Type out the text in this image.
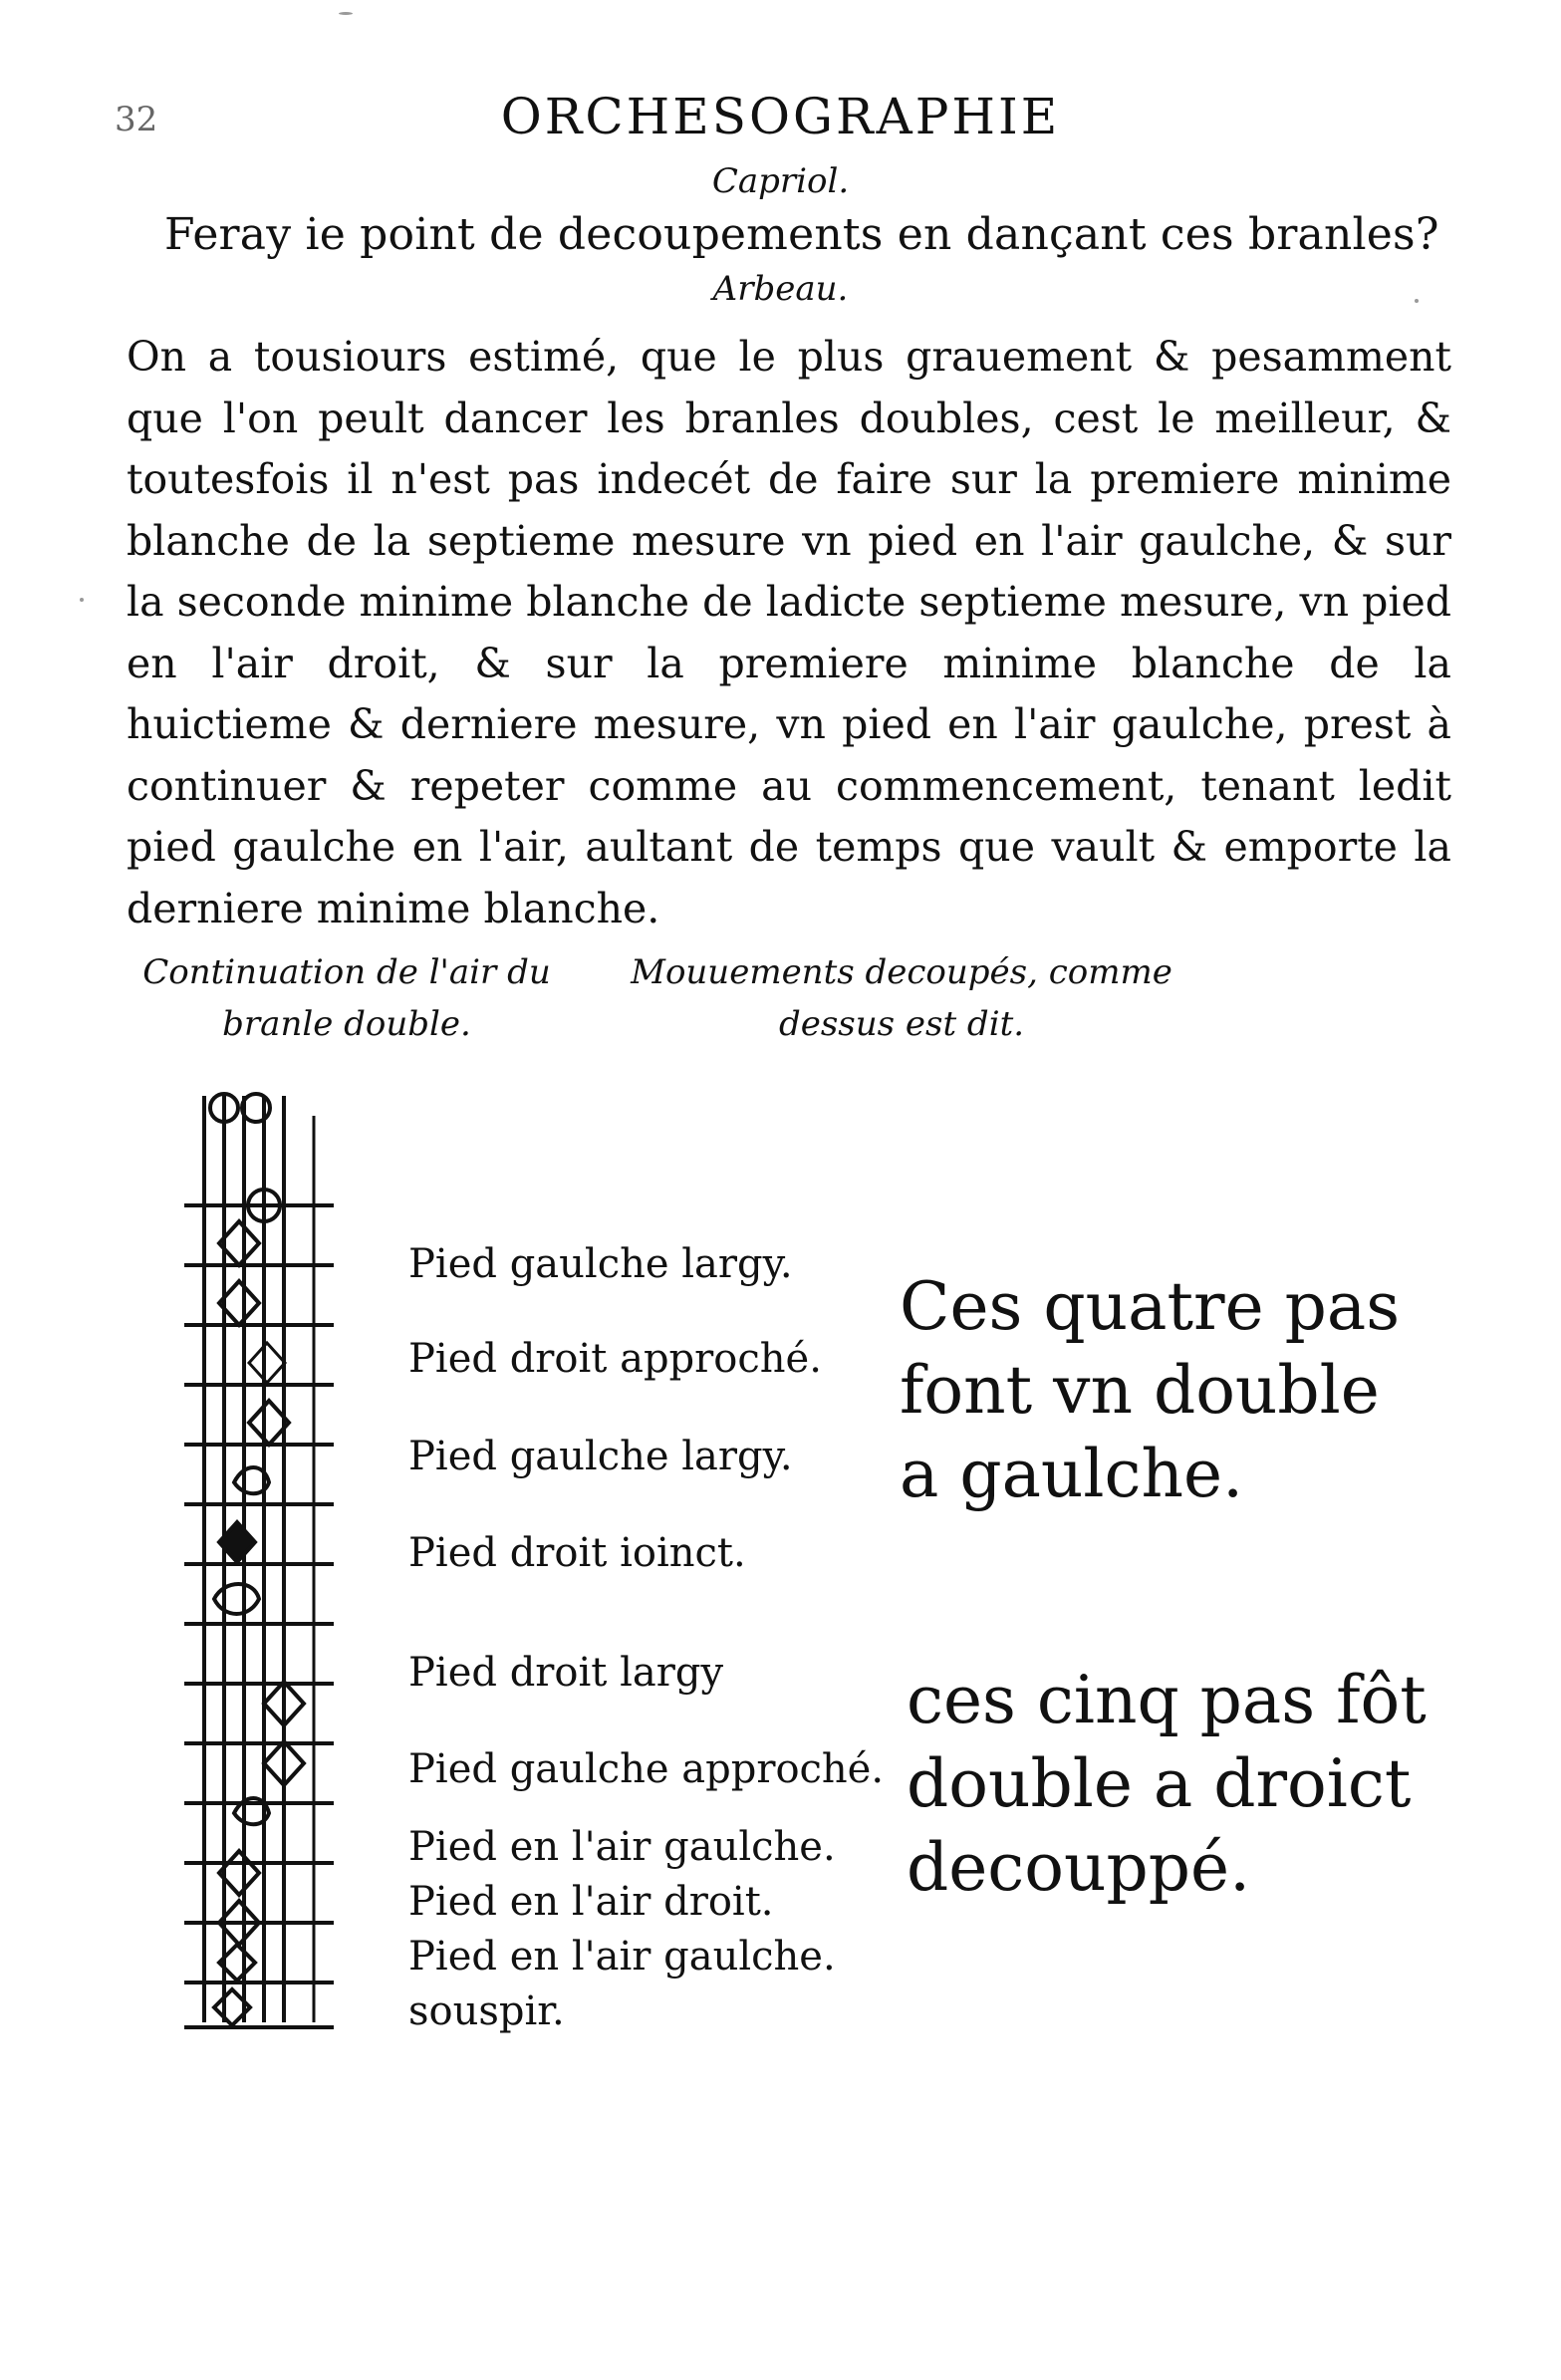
32	ORCHESOGRAPHIE
Capriol.
Feray ie point de decoupements en dançant ces branles?
Arbeau.

On a tousiours estimé, que le plus grauement & pesamment que l'on peult dancer les branles doubles, cest le meilleur, & toutesfois il n'est pas indecét de faire sur la premiere minime blanche de la septieme mesure vn pied en l'air gaulche, & sur la seconde minime blanche de ladicte septieme mesure, vn pied en l'air droit, & sur la premiere minime blanche de la huictieme & derniere mesure, vn pied en l'air gaulche, prest à continuer & repeter comme au commencement, tenant ledit pied gaulche en l'air, aultant de temps que vault & emporte la derniere minime blanche.

Continuation de l'air du
branle double.
Mouuements decoupés, comme
dessus est dit.
Pied gaulche largy.
Pied droit approché.
Pied gaulche largy.
Pied droit ioinct.
Pied droit largy
Pied gaulche approché.
Pied en l'air gaulche.
Pied en l'air droit.
Pied en l'air gaulche.
souspir.
Ces quatre pas
font vn double
a gaulche.
ces cinq pas fôt
double a droict
decouppé.
